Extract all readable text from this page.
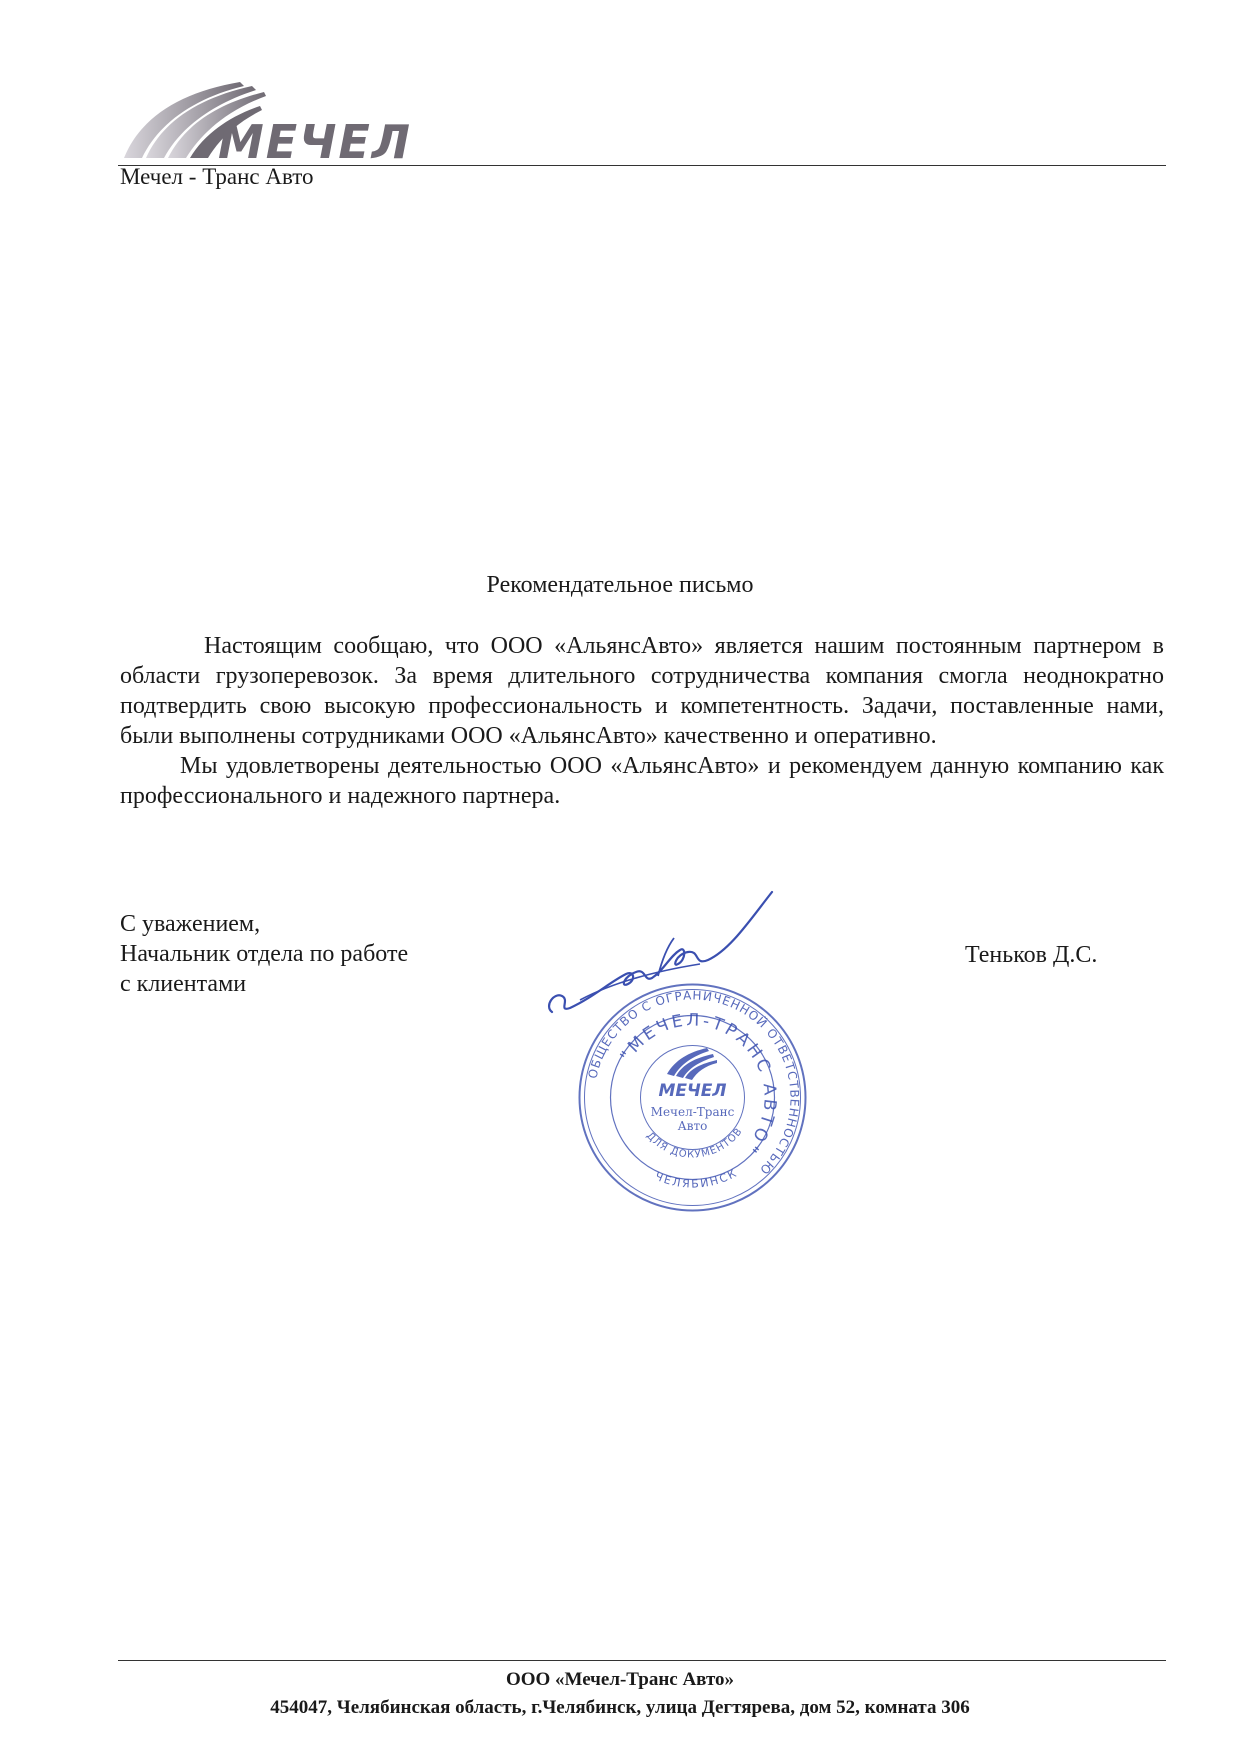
МЕЧЕЛ
Мечел - Транс Авто
Рекомендательное письмо

Настоящим сообщаю, что ООО «АльянсАвто» является нашим постоянным партнером в области грузоперевозок. За время длительного сотрудничества компания смогла неоднократно подтвердить свою высокую профессиональность и компетентность. Задачи, поставленные нами, были выполнены сотрудниками ООО «АльянсАвто» качественно и оперативно.

Мы удовлетворены деятельностью ООО «АльянсАвто» и рекомендуем данную компанию как профессионального и надежного партнера.

С уважением,
Начальник отдела по работе
с клиентами
Теньков Д.С.
ОБЩЕСТВО С ОГРАНИЧЕННОЙ ОТВЕТСТВЕННОСТЬЮ
"МЕЧЕЛ-ТРАНС АВТО"
ЧЕЛЯБИНСК
ДЛЯ ДОКУМЕНТОВ
МЕЧЕЛ
Мечел-Транс
Авто
ООО «Мечел-Транс Авто»
454047, Челябинская область, г.Челябинск, улица Дегтярева, дом 52, комната 306
